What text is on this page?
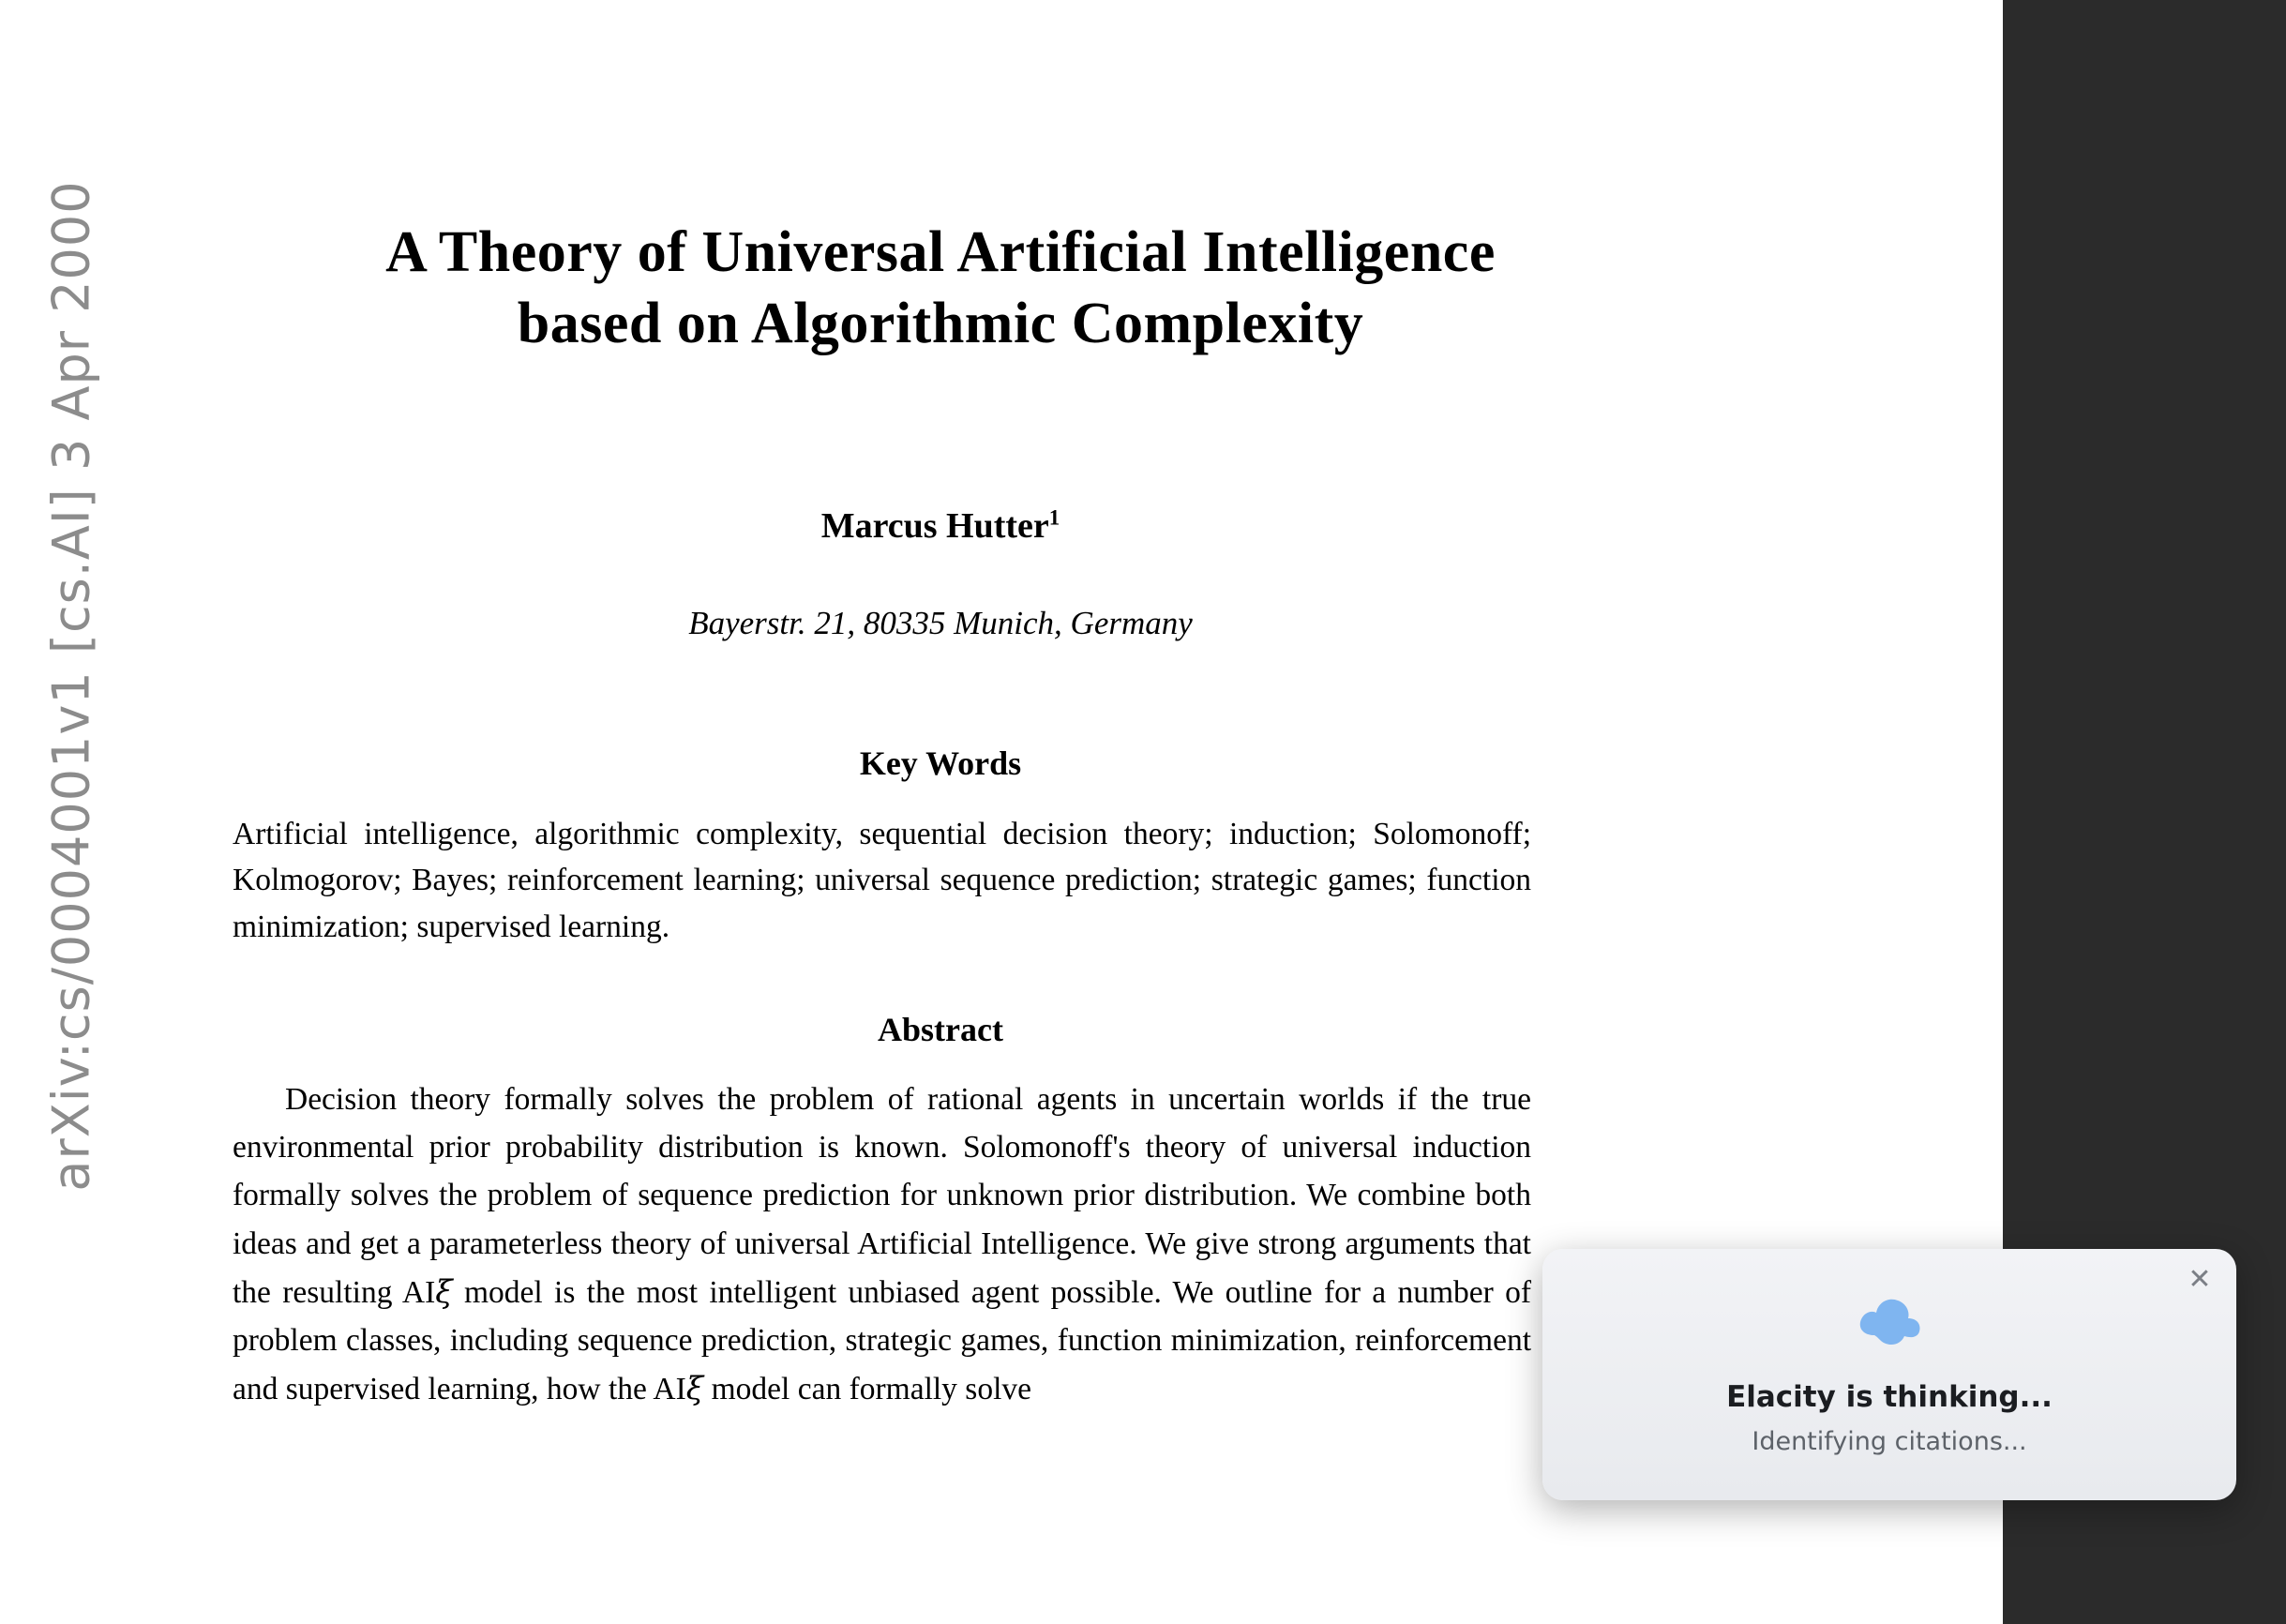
arXiv:cs/0004001v1 [cs.AI] 3 Apr 2000	A Theory of Universal Artificial Intelligence
based on Algorithmic Complexity
Marcus Hutter$^1$
Bayerstr. 21, 80335 Munich, Germany
Key Words
Artificial intelligence, algorithmic complexity, sequential decision theory; induction; Solomonoff; Kolmogorov; Bayes; reinforcement learning; universal sequence prediction; strategic games; function minimization; supervised learning.
Abstract
Decision theory formally solves the problem of rational agents in uncertain worlds if the true environmental prior probability distribution is known. Solomonoff's theory of universal induction formally solves the problem of sequence prediction for unknown prior distribution. We combine both ideas and get a parameterless theory of universal Artificial Intelligence. We give strong arguments that the resulting AIξ model is the most intelligent unbiased agent possible. We outline for a number of problem classes, including sequence prediction, strategic games, function minimization, reinforcement and supervised learning, how the AIξ model can formally solve
✕
Elacity is thinking...
Identifying citations...
